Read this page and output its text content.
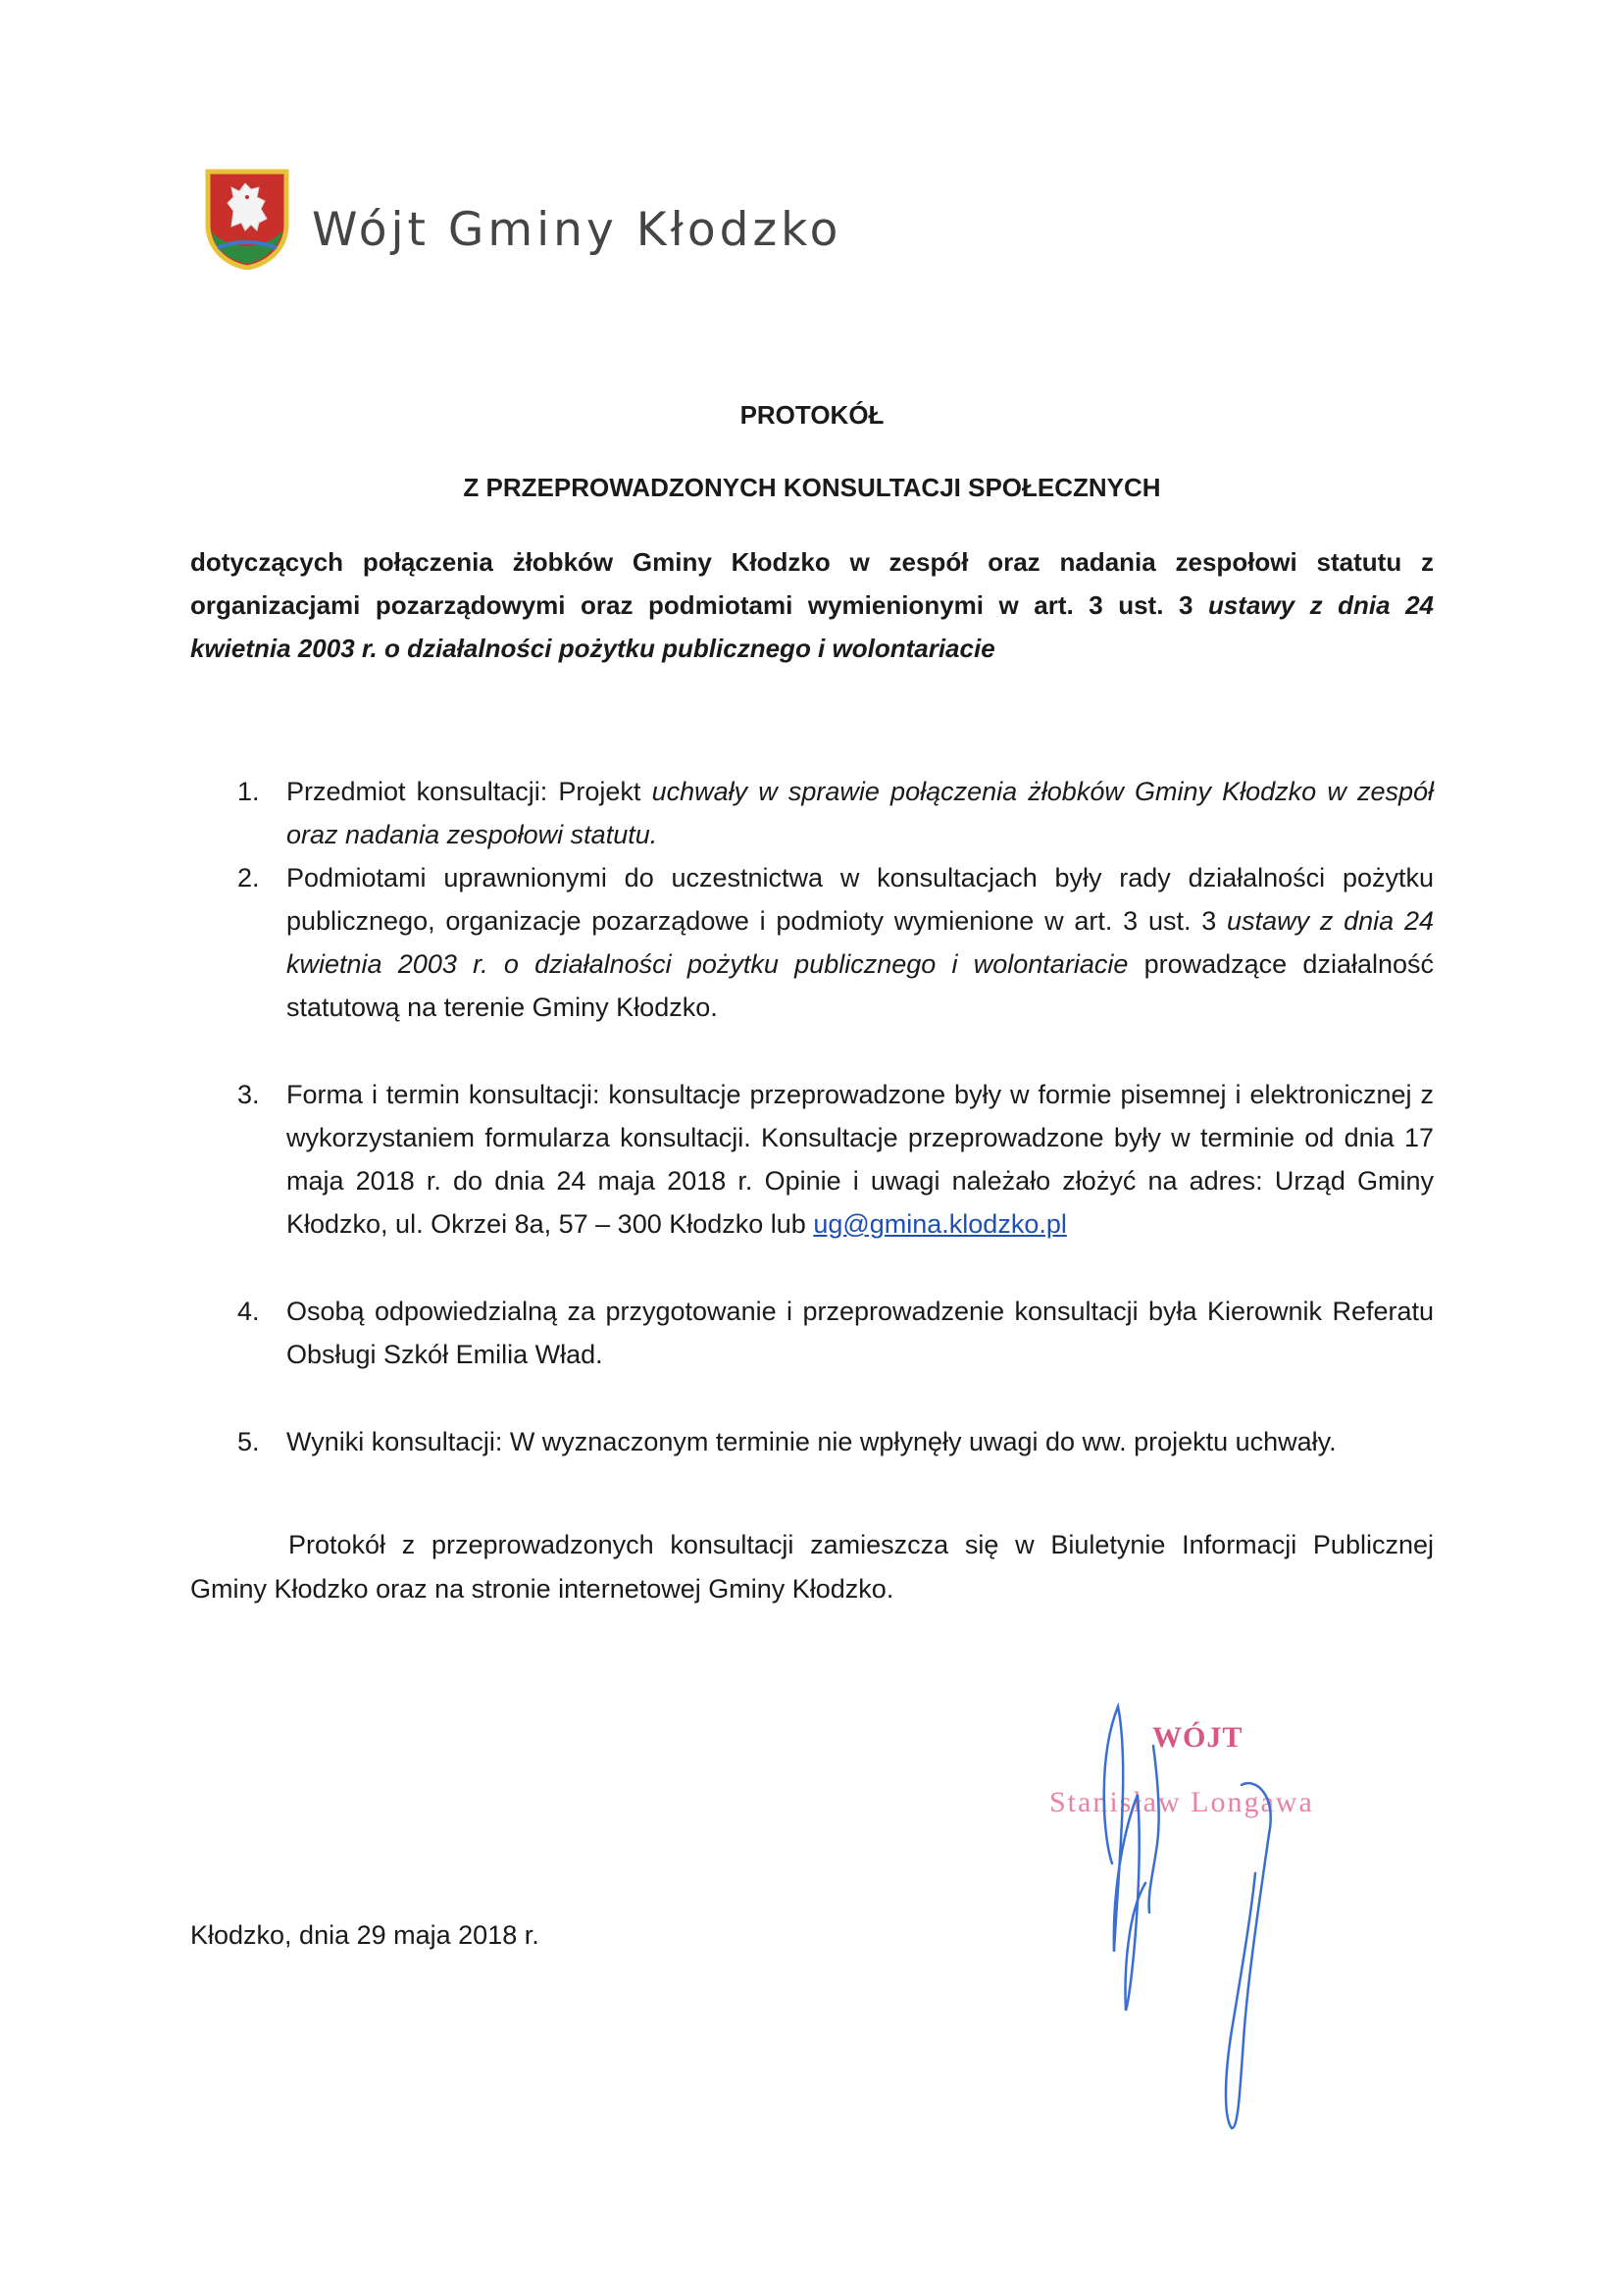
Wójt Gminy Kłodzko
PROTOKÓŁ
Z PRZEPROWADZONYCH KONSULTACJI SPOŁECZNYCH

dotyczących połączenia żłobków Gminy Kłodzko w zespół oraz nadania zespołowi statutu z organizacjami pozarządowymi oraz podmiotami wymienionymi w art. 3 ust. 3 ustawy z dnia 24 kwietnia 2003 r. o działalności pożytku publicznego i wolontariacie

1. Przedmiot konsultacji: Projekt uchwały w sprawie połączenia żłobków Gminy Kłodzko w zespół oraz nadania zespołowi statutu.
2. Podmiotami uprawnionymi do uczestnictwa w konsultacjach były rady działalności pożytku publicznego, organizacje pozarządowe i podmioty wymienione w art. 3 ust. 3 ustawy z dnia 24 kwietnia 2003 r. o działalności pożytku publicznego i wolontariacie prowadzące działalność statutową na terenie Gminy Kłodzko.
3. Forma i termin konsultacji: konsultacje przeprowadzone były w formie pisemnej i elektronicznej z wykorzystaniem formularza konsultacji. Konsultacje przeprowadzone były w terminie od dnia 17 maja 2018 r. do dnia 24 maja 2018 r. Opinie i uwagi należało złożyć na adres: Urząd Gminy Kłodzko, ul. Okrzei 8a, 57 – 300 Kłodzko lub ug@gmina.klodzko.pl
4. Osobą odpowiedzialną za przygotowanie i przeprowadzenie konsultacji była Kierownik Referatu Obsługi Szkół Emilia Wład.
5. Wyniki konsultacji: W wyznaczonym terminie nie wpłynęły uwagi do ww. projektu uchwały.
Protokół z przeprowadzonych konsultacji zamieszcza się w Biuletynie Informacji Publicznej Gminy Kłodzko oraz na stronie internetowej Gminy Kłodzko.
WÓJT
Stanisław Longawa
Kłodzko, dnia 29 maja 2018 r.
